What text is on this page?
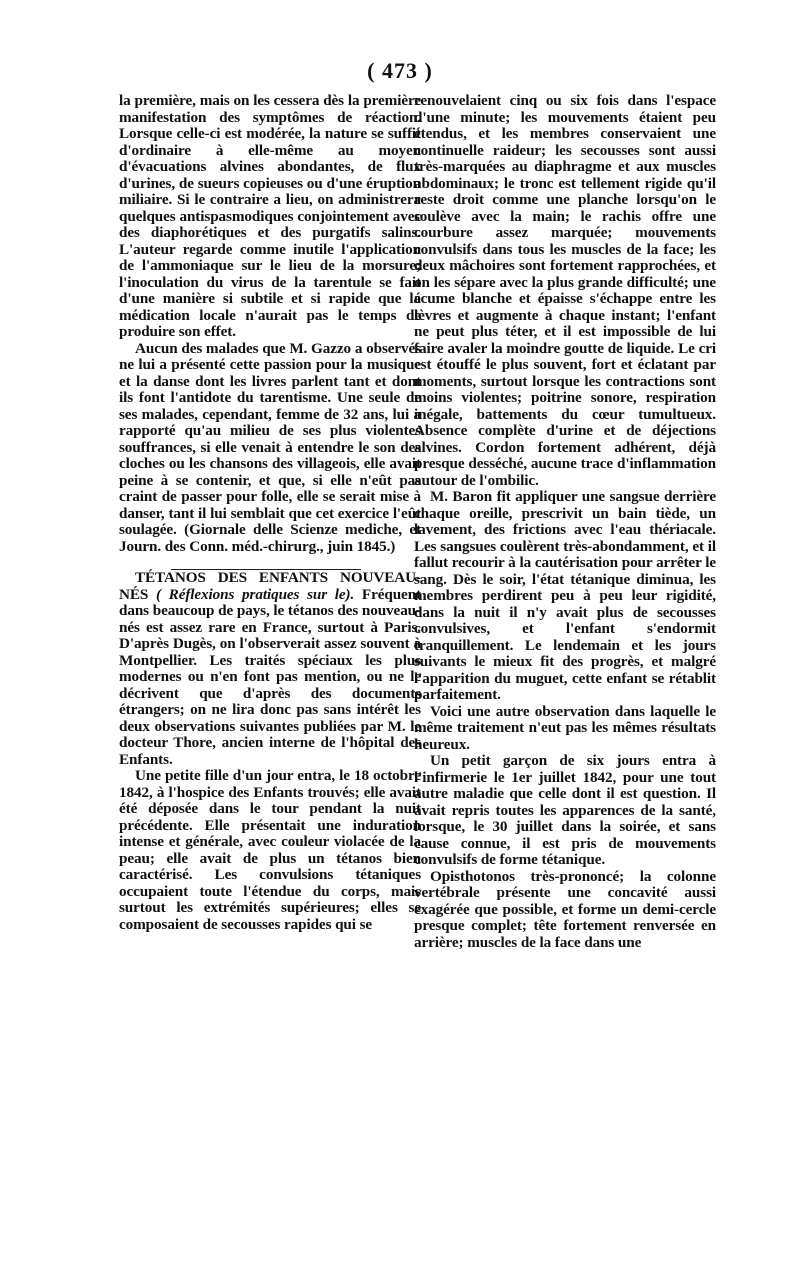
( 473 )

la première, mais on les cessera dès la première manifestation des symptômes de réaction. Lorsque celle-ci est modérée, la nature se suffit d'ordinaire à elle-même au moyen d'évacuations alvines abondantes, de flux d'urines, de sueurs copieuses ou d'une éruption miliaire. Si le contraire a lieu, on administrera quelques antispasmodiques conjointement avec des diaphorétiques et des purgatifs salins. L'auteur regarde comme inutile l'application de l'ammoniaque sur le lieu de la morsure; l'inoculation du virus de la tarentule se fait d'une manière si subtile et si rapide que la médication locale n'aurait pas le temps de produire son effet.

Aucun des malades que M. Gazzo a observés ne lui a présenté cette passion pour la musique et la danse dont les livres parlent tant et dont ils font l'antidote du tarentisme. Une seule de ses malades, cependant, femme de 32 ans, lui a rapporté qu'au milieu de ses plus violentes souffrances, si elle venait à entendre le son des cloches ou les chansons des villageois, elle avait peine à se contenir, et que, si elle n'eût pas craint de passer pour folle, elle se serait mise à danser, tant il lui semblait que cet exercice l'eût soulagée. (Giornale delle Scienze mediche, et Journ. des Conn. méd.-chirurg., juin 1845.)

TÉTANOS DES ENFANTS NOUVEAU-NÉS ( Réflexions pratiques sur le). Fréquent dans beaucoup de pays, le tétanos des nouveau-nés est assez rare en France, surtout à Paris. D'après Dugès, on l'observerait assez souvent à Montpellier. Les traités spéciaux les plus modernes ou n'en font pas mention, ou ne le décrivent que d'après des documents étrangers; on ne lira donc pas sans intérêt les deux observations suivantes publiées par M. le docteur Thore, ancien interne de l'hôpital des Enfants.

Une petite fille d'un jour entra, le 18 octobre 1842, à l'hospice des Enfants trouvés; elle avait été déposée dans le tour pendant la nuit précédente. Elle présentait une induration intense et générale, avec couleur violacée de la peau; elle avait de plus un tétanos bien caractérisé. Les convulsions tétaniques occupaient toute l'étendue du corps, mais surtout les extrémités supérieures; elles se composaient de secousses rapides qui se

renouvelaient cinq ou six fois dans l'espace d'une minute; les mouvements étaient peu étendus, et les membres conservaient une continuelle raideur; les secousses sont aussi très-marquées au diaphragme et aux muscles abdominaux; le tronc est tellement rigide qu'il reste droit comme une planche lorsqu'on le soulève avec la main; le rachis offre une courbure assez marquée; mouvements convulsifs dans tous les muscles de la face; les deux mâchoires sont fortement rapprochées, et on les sépare avec la plus grande difficulté; une écume blanche et épaisse s'échappe entre les lèvres et augmente à chaque instant; l'enfant ne peut plus téter, et il est impossible de lui faire avaler la moindre goutte de liquide. Le cri est étouffé le plus souvent, fort et éclatant par moments, surtout lorsque les contractions sont moins violentes; poitrine sonore, respiration inégale, battements du cœur tumultueux. Absence complète d'urine et de déjections alvines. Cordon fortement adhérent, déjà presque desséché, aucune trace d'inflammation autour de l'ombilic.

M. Baron fit appliquer une sangsue derrière chaque oreille, prescrivit un bain tiède, un lavement, des frictions avec l'eau thériacale. Les sangsues coulèrent très-abondamment, et il fallut recourir à la cautérisation pour arrêter le sang. Dès le soir, l'état tétanique diminua, les membres perdirent peu à peu leur rigidité, dans la nuit il n'y avait plus de secousses convulsives, et l'enfant s'endormit tranquillement. Le lendemain et les jours suivants le mieux fit des progrès, et malgré l'apparition du muguet, cette enfant se rétablit parfaitement.

Voici une autre observation dans laquelle le même traitement n'eut pas les mêmes résultats heureux.

Un petit garçon de six jours entra à l'infirmerie le 1er juillet 1842, pour une tout autre maladie que celle dont il est question. Il avait repris toutes les apparences de la santé, lorsque, le 30 juillet dans la soirée, et sans cause connue, il est pris de mouvements convulsifs de forme tétanique.

Opisthotonos très-prononcé; la colonne vertébrale présente une concavité aussi exagérée que possible, et forme un demi-cercle presque complet; tête fortement renversée en arrière; muscles de la face dans une
